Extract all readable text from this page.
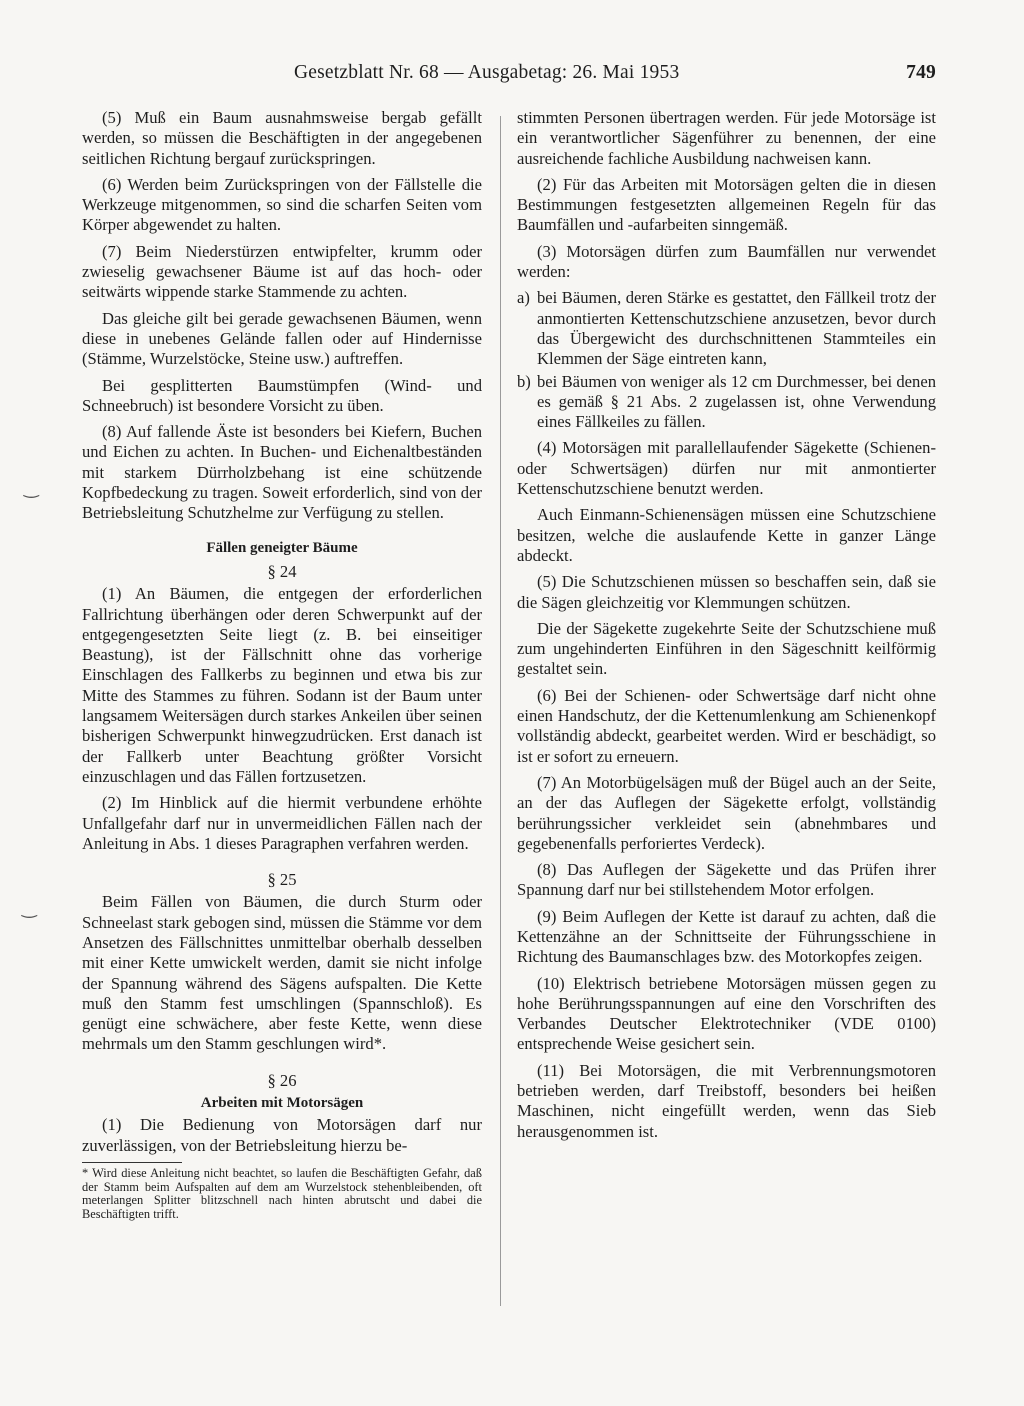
Gesetzblatt Nr. 68 — Ausgabetag: 26. Mai 1953	749
‿
‿

(5) Muß ein Baum ausnahmsweise bergab gefällt werden, so müssen die Beschäftigten in der angegebenen seitlichen Richtung bergauf zurückspringen.

(6) Werden beim Zurückspringen von der Fällstelle die Werkzeuge mitgenommen, so sind die scharfen Seiten vom Körper abgewendet zu halten.

(7) Beim Niederstürzen entwipfelter, krumm oder zwieselig gewachsener Bäume ist auf das hoch- oder seitwärts wippende starke Stammende zu achten.

Das gleiche gilt bei gerade gewachsenen Bäumen, wenn diese in unebenes Gelände fallen oder auf Hindernisse (Stämme, Wurzelstöcke, Steine usw.) auftreffen.

Bei gesplitterten Baumstümpfen (Wind- und Schneebruch) ist besondere Vorsicht zu üben.

(8) Auf fallende Äste ist besonders bei Kiefern, Buchen und Eichen zu achten. In Buchen- und Eichenaltbeständen mit starkem Dürrholzbehang ist eine schützende Kopfbedeckung zu tragen. Soweit erforderlich, sind von der Betriebsleitung Schutzhelme zur Verfügung zu stellen.

Fällen geneigter Bäume
§ 24

(1) An Bäumen, die entgegen der erforderlichen Fallrichtung überhängen oder deren Schwerpunkt auf der entgegengesetzten Seite liegt (z. B. bei einseitiger Beastung), ist der Fällschnitt ohne das vorherige Einschlagen des Fallkerbs zu beginnen und etwa bis zur Mitte des Stammes zu führen. Sodann ist der Baum unter langsamem Weitersägen durch starkes Ankeilen über seinen bisherigen Schwerpunkt hinwegzudrücken. Erst danach ist der Fallkerb unter Beachtung größter Vorsicht einzuschlagen und das Fällen fortzusetzen.

(2) Im Hinblick auf die hiermit verbundene erhöhte Unfallgefahr darf nur in unvermeidlichen Fällen nach der Anleitung in Abs. 1 dieses Paragraphen verfahren werden.

§ 25

Beim Fällen von Bäumen, die durch Sturm oder Schneelast stark gebogen sind, müssen die Stämme vor dem Ansetzen des Fällschnittes unmittelbar oberhalb desselben mit einer Kette umwickelt werden, damit sie nicht infolge der Spannung während des Sägens aufspalten. Die Kette muß den Stamm fest umschlingen (Spannschloß). Es genügt eine schwächere, aber feste Kette, wenn diese mehrmals um den Stamm geschlungen wird*.

§ 26
Arbeiten mit Motorsägen

(1) Die Bedienung von Motorsägen darf nur zuverlässigen, von der Betriebsleitung hierzu be-

* Wird diese Anleitung nicht beachtet, so laufen die Beschäftigten Gefahr, daß der Stamm beim Aufspalten auf dem am Wurzelstock stehenbleibenden, oft meterlangen Splitter blitzschnell nach hinten abrutscht und dabei die Beschäftigten trifft.

stimmten Personen übertragen werden. Für jede Motorsäge ist ein verantwortlicher Sägenführer zu benennen, der eine ausreichende fachliche Ausbildung nachweisen kann.

(2) Für das Arbeiten mit Motorsägen gelten die in diesen Bestimmungen festgesetzten allgemeinen Regeln für das Baumfällen und -aufarbeiten sinngemäß.

(3) Motorsägen dürfen zum Baumfällen nur verwendet werden:

a) bei Bäumen, deren Stärke es gestattet, den Fällkeil trotz der anmontierten Kettenschutzschiene anzusetzen, bevor durch das Übergewicht des durchschnittenen Stammteiles ein Klemmen der Säge eintreten kann,
b) bei Bäumen von weniger als 12 cm Durchmesser, bei denen es gemäß § 21 Abs. 2 zugelassen ist, ohne Verwendung eines Fällkeiles zu fällen.

(4) Motorsägen mit parallellaufender Sägekette (Schienen- oder Schwertsägen) dürfen nur mit anmontierter Kettenschutzschiene benutzt werden.

Auch Einmann-Schienensägen müssen eine Schutzschiene besitzen, welche die auslaufende Kette in ganzer Länge abdeckt.

(5) Die Schutzschienen müssen so beschaffen sein, daß sie die Sägen gleichzeitig vor Klemmungen schützen.

Die der Sägekette zugekehrte Seite der Schutzschiene muß zum ungehinderten Einführen in den Sägeschnitt keilförmig gestaltet sein.

(6) Bei der Schienen- oder Schwertsäge darf nicht ohne einen Handschutz, der die Kettenumlenkung am Schienenkopf vollständig abdeckt, gearbeitet werden. Wird er beschädigt, so ist er sofort zu erneuern.

(7) An Motorbügelsägen muß der Bügel auch an der Seite, an der das Auflegen der Sägekette erfolgt, vollständig berührungssicher verkleidet sein (abnehmbares und gegebenenfalls perforiertes Verdeck).

(8) Das Auflegen der Sägekette und das Prüfen ihrer Spannung darf nur bei stillstehendem Motor erfolgen.

(9) Beim Auflegen der Kette ist darauf zu achten, daß die Kettenzähne an der Schnittseite der Führungsschiene in Richtung des Baumanschlages bzw. des Motorkopfes zeigen.

(10) Elektrisch betriebene Motorsägen müssen gegen zu hohe Berührungsspannungen auf eine den Vorschriften des Verbandes Deutscher Elektrotechniker (VDE 0100) entsprechende Weise gesichert sein.

(11) Bei Motorsägen, die mit Verbrennungsmotoren betrieben werden, darf Treibstoff, besonders bei heißen Maschinen, nicht eingefüllt werden, wenn das Sieb herausgenommen ist.
